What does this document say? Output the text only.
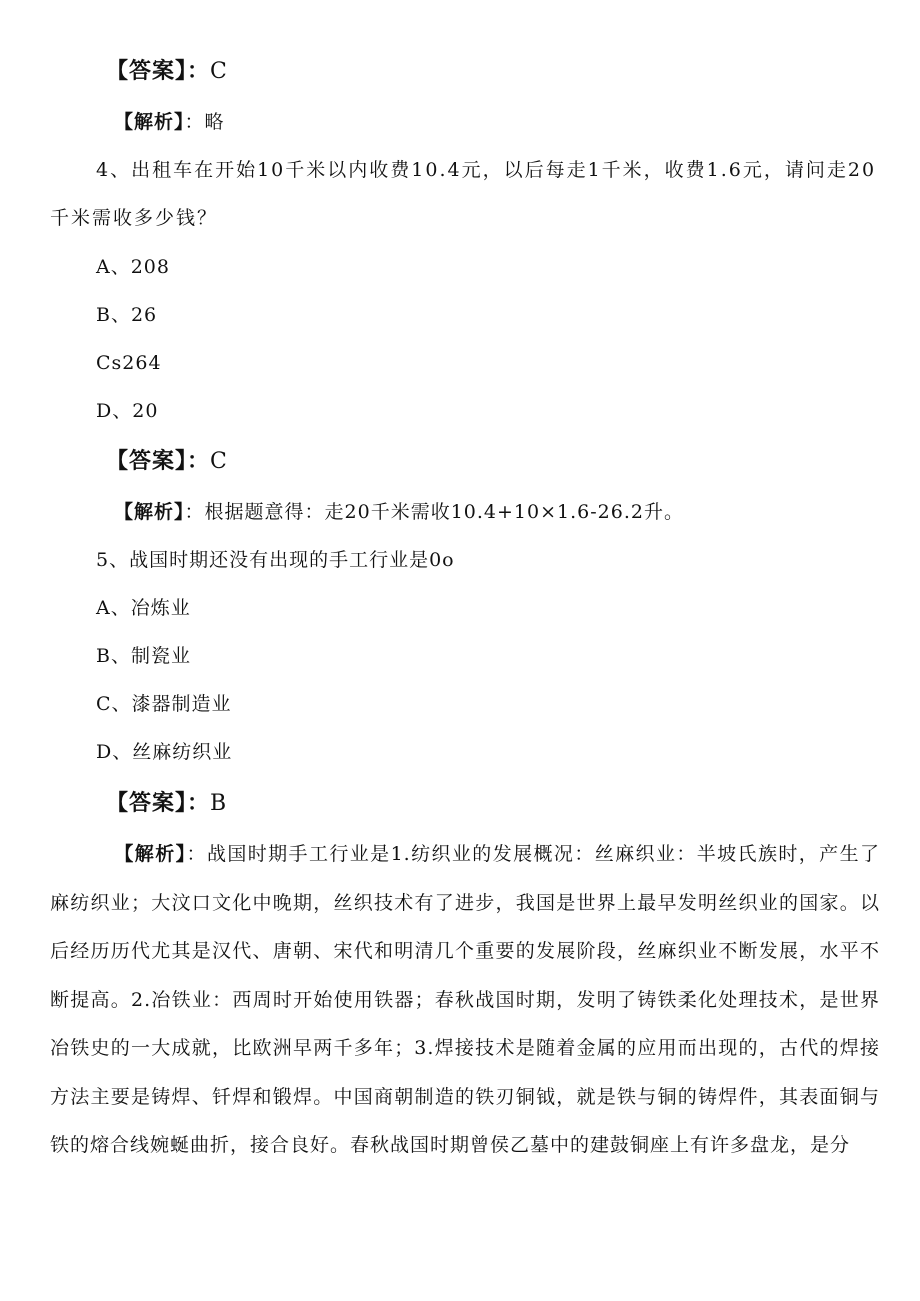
【答案】：C
【解析】：略
4、出租车在开始10千米以内收费10.4元，以后每走1千米，收费1.6元，请问走20
千米需收多少钱？
A、208
B、26
Cs264
D、20
【答案】：C
【解析】：根据题意得：走20千米需收10.4+10×1.6-26.2升。
5、战国时期还没有出现的手工行业是0o
A、冶炼业
B、制瓷业
C、漆器制造业
D、丝麻纺织业
【答案】：B
【解析】：战国时期手工行业是1.纺织业的发展概况：丝麻织业：半坡氏族时，产生了麻纺织业；大汶口文化中晚期，丝织技术有了进步，我国是世界上最早发明丝织业的国家。以后经历历代尤其是汉代、唐朝、宋代和明清几个重要的发展阶段，丝麻织业不断发展，水平不断提高。2.冶铁业：西周时开始使用铁器；春秋战国时期，发明了铸铁柔化处理技术，是世界冶铁史的一大成就，比欧洲早两千多年；3.焊接技术是随着金属的应用而出现的，古代的焊接方法主要是铸焊、钎焊和锻焊。中国商朝制造的铁刃铜钺，就是铁与铜的铸焊件，其表面铜与铁的熔合线婉蜒曲折，接合良好。春秋战国时期曾侯乙墓中的建鼓铜座上有许多盘龙，是分
